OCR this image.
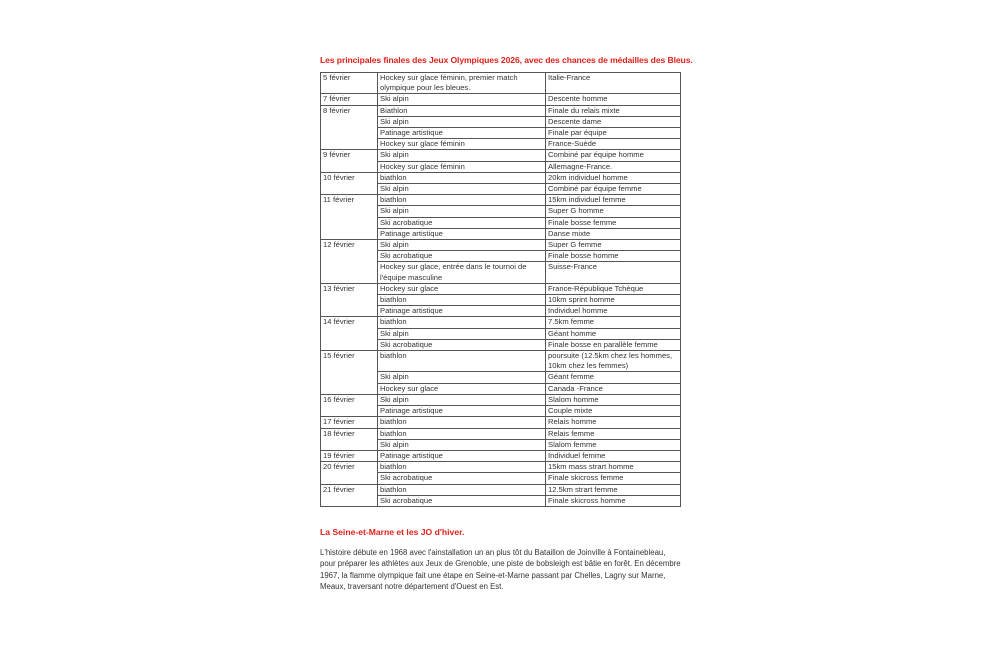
Les principales finales des Jeux Olympiques 2026, avec des chances de médailles des Bleus.
5 février	Hockey sur glace féminin, premier match olympique pour les bleues.	Italie-France
7 février	Ski alpin	Descente homme
8 février	Biathlon	Finale du relais mixte
	Ski alpin	Descente dame
	Patinage artistique	Finale par équipe
	Hockey sur glace féminin	France-Suède
9 février	Ski alpin	Combiné par équipe homme
	Hockey sur glace féminin	Allemagne-France.
10 février	biathlon	20km individuel homme
	Ski alpin	Combiné par équipe femme
11 février	biathlon	15km individuel femme
	Ski alpin	Super G homme
	Ski acrobatique	Finale bosse femme
	Patinage artistique	Danse mixte
12 février	Ski alpin	Super G femme
	Ski acrobatique	Finale bosse homme
	Hockey sur glace, entrée dans le tournoi de l'équipe masculine	Suisse-France
13 février	Hockey sur glace	France-République Tchèque
	biathlon	10km sprint homme
	Patinage artistique	Individuel homme
14 février	biathlon	7.5km femme
	Ski alpin	Géant homme
	Ski acrobatique	Finale bosse en parallèle femme
15 février	biathlon	poursuite (12.5km chez les hommes, 10km chez les femmes)
	Ski alpin	Géant femme
	Hockey sur glace	Canada -France
16 février	Ski alpin	Slalom homme
	Patinage artistique	Couple mixte
17 février	biathlon	Relais homme
18 février	biathlon	Relais femme
	Ski alpin	Slalom femme
19 février	Patinage artistique	Individuel femme
20 février	biathlon	15km mass strart homme
	Ski acrobatique	Finale skicross femme
21 février	biathlon	12.5km strart femme
	Ski acrobatique	Finale skicross homme
La Seine-et-Marne et les JO d'hiver.
L'histoire débute en 1968 avec l'ainstallation un an plus tôt du Bataillon de Joinville à Fontainebleau, pour préparer les athlètes aux Jeux de Grenoble, une piste de bobsleigh est bâtie en forêt. En décembre 1967, la flamme olympique fait une étape en Seine-et-Marne passant par Chelles, Lagny sur Marne, Meaux, traversant notre département d'Ouest en Est.
